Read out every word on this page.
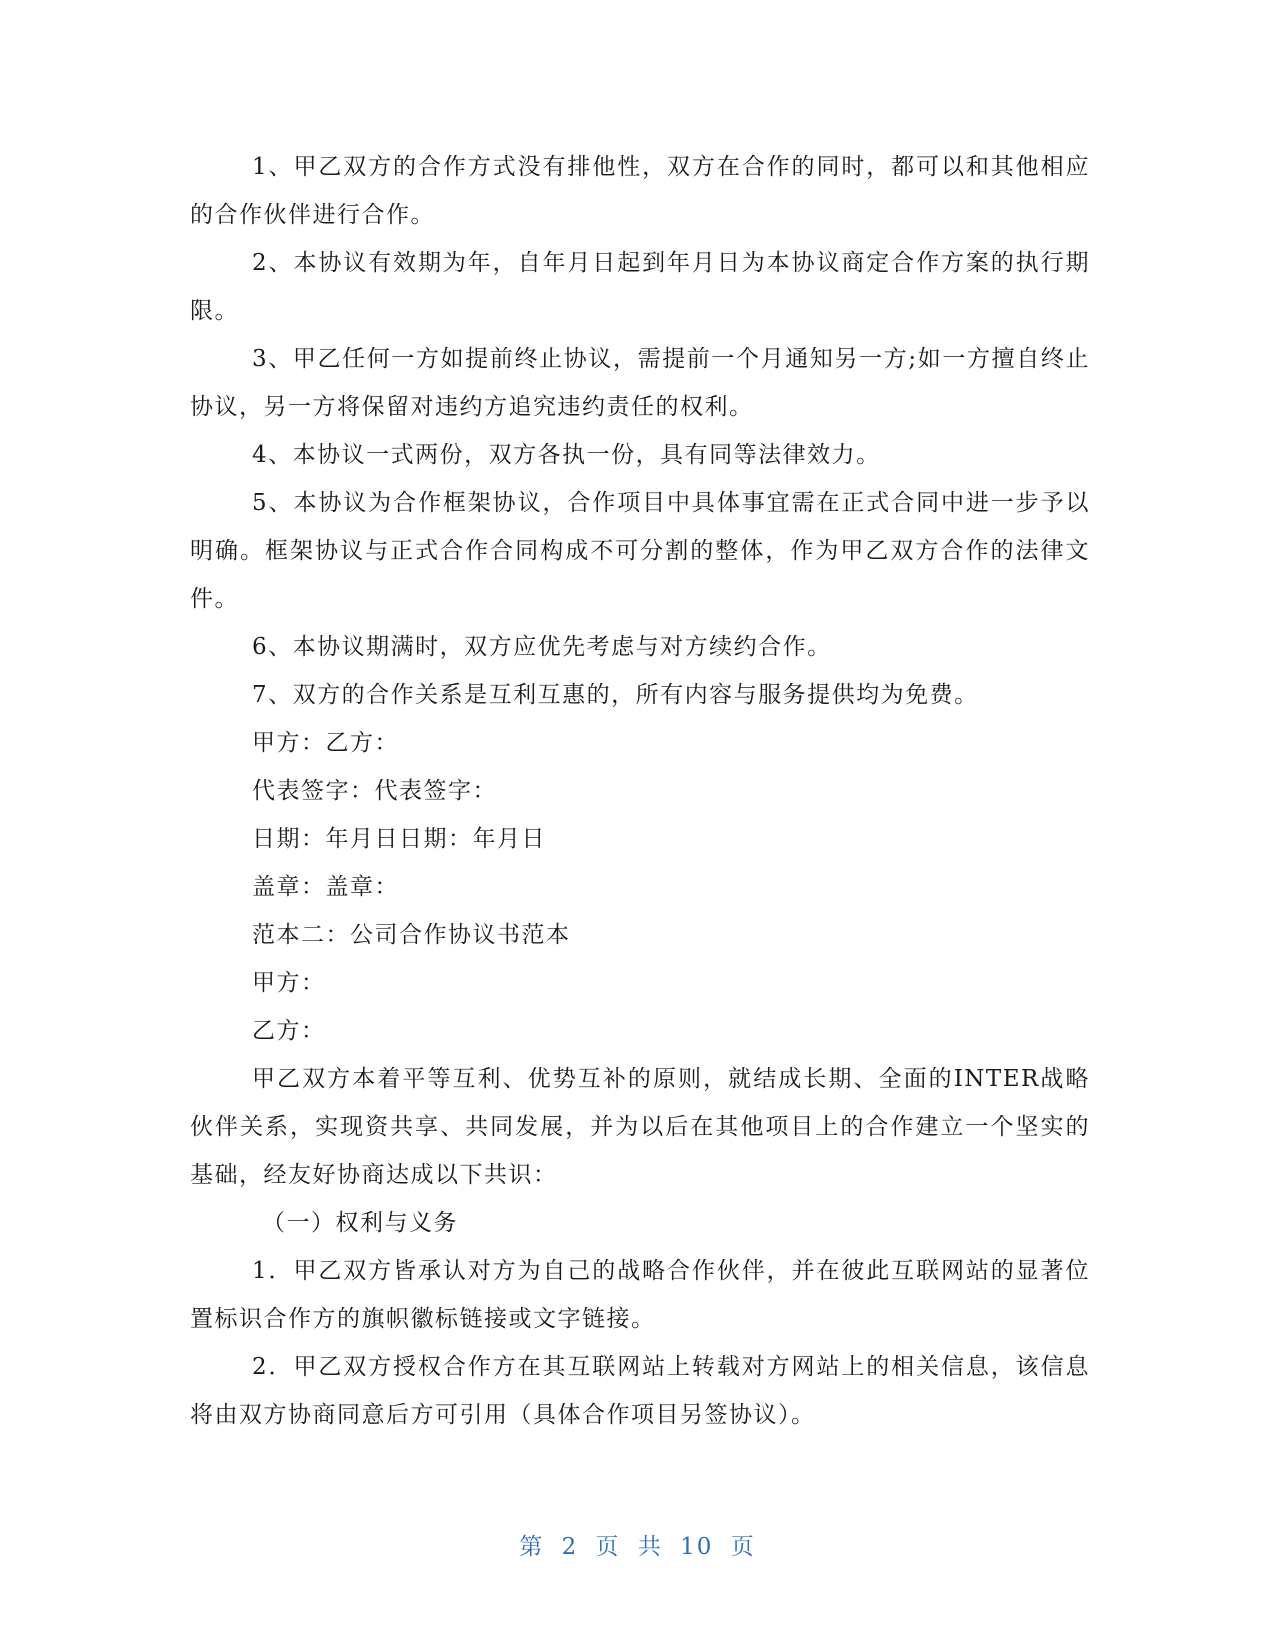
1、甲乙双方的合作方式没有排他性，双方在合作的同时，都可以和其他相应的合作伙伴进行合作。

2、本协议有效期为年，自年月日起到年月日为本协议商定合作方案的执行期限。

3、甲乙任何一方如提前终止协议，需提前一个月通知另一方;如一方擅自终止协议，另一方将保留对违约方追究违约责任的权利。

4、本协议一式两份，双方各执一份，具有同等法律效力。

5、本协议为合作框架协议，合作项目中具体事宜需在正式合同中进一步予以明确。框架协议与正式合作合同构成不可分割的整体，作为甲乙双方合作的法律文件。

6、本协议期满时，双方应优先考虑与对方续约合作。

7、双方的合作关系是互利互惠的，所有内容与服务提供均为免费。

甲方：乙方：

代表签字：代表签字：

日期：年月日日期：年月日

盖章：盖章：

范本二：公司合作协议书范本

甲方：

乙方：

甲乙双方本着平等互利、优势互补的原则，就结成长期、全面的INTER战略伙伴关系，实现资共享、共同发展，并为以后在其他项目上的合作建立一个坚实的基础，经友好协商达成以下共识：

（一）权利与义务

1．甲乙双方皆承认对方为自己的战略合作伙伴，并在彼此互联网站的显著位置标识合作方的旗帜徽标链接或文字链接。

2．甲乙双方授权合作方在其互联网站上转载对方网站上的相关信息，该信息将由双方协商同意后方可引用（具体合作项目另签协议）。

第 2 页 共 10 页
